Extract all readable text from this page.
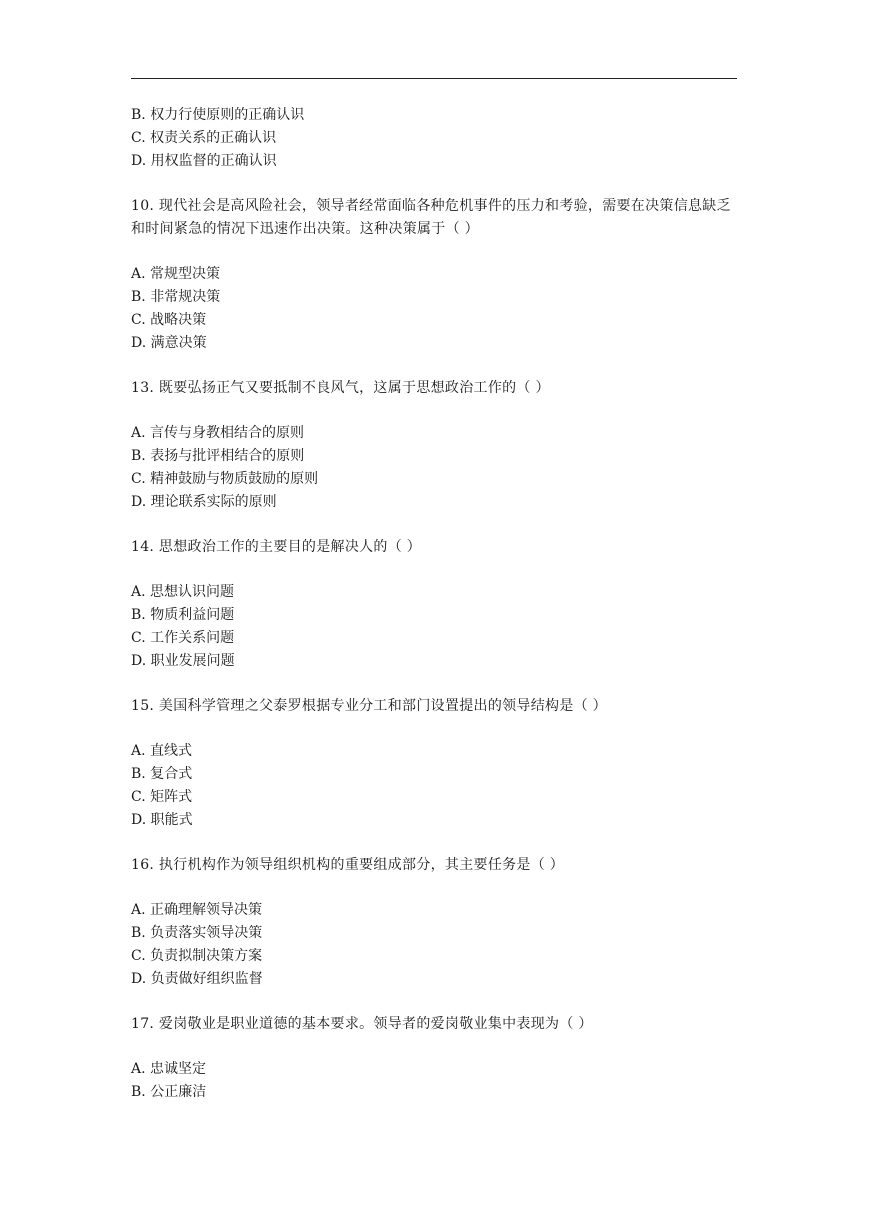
B. 权力行使原则的正确认识

C. 权责关系的正确认识

D. 用权监督的正确认识

10. 现代社会是高风险社会，领导者经常面临各种危机事件的压力和考验，需要在决策信息缺乏和时间紧急的情况下迅速作出决策。这种决策属于（ ）

A. 常规型决策

B. 非常规决策

C. 战略决策

D. 满意决策

13. 既要弘扬正气又要抵制不良风气，这属于思想政治工作的（ ）

A. 言传与身教相结合的原则

B. 表扬与批评相结合的原则

C. 精神鼓励与物质鼓励的原则

D. 理论联系实际的原则

14. 思想政治工作的主要目的是解决人的（ ）

A. 思想认识问题

B. 物质利益问题

C. 工作关系问题

D. 职业发展问题

15. 美国科学管理之父泰罗根据专业分工和部门设置提出的领导结构是（ ）

A. 直线式

B. 复合式

C. 矩阵式

D. 职能式

16. 执行机构作为领导组织机构的重要组成部分，其主要任务是（ ）

A. 正确理解领导决策

B. 负责落实领导决策

C. 负责拟制决策方案

D. 负责做好组织监督

17. 爱岗敬业是职业道德的基本要求。领导者的爱岗敬业集中表现为（ ）

A. 忠诚坚定

B. 公正廉洁
